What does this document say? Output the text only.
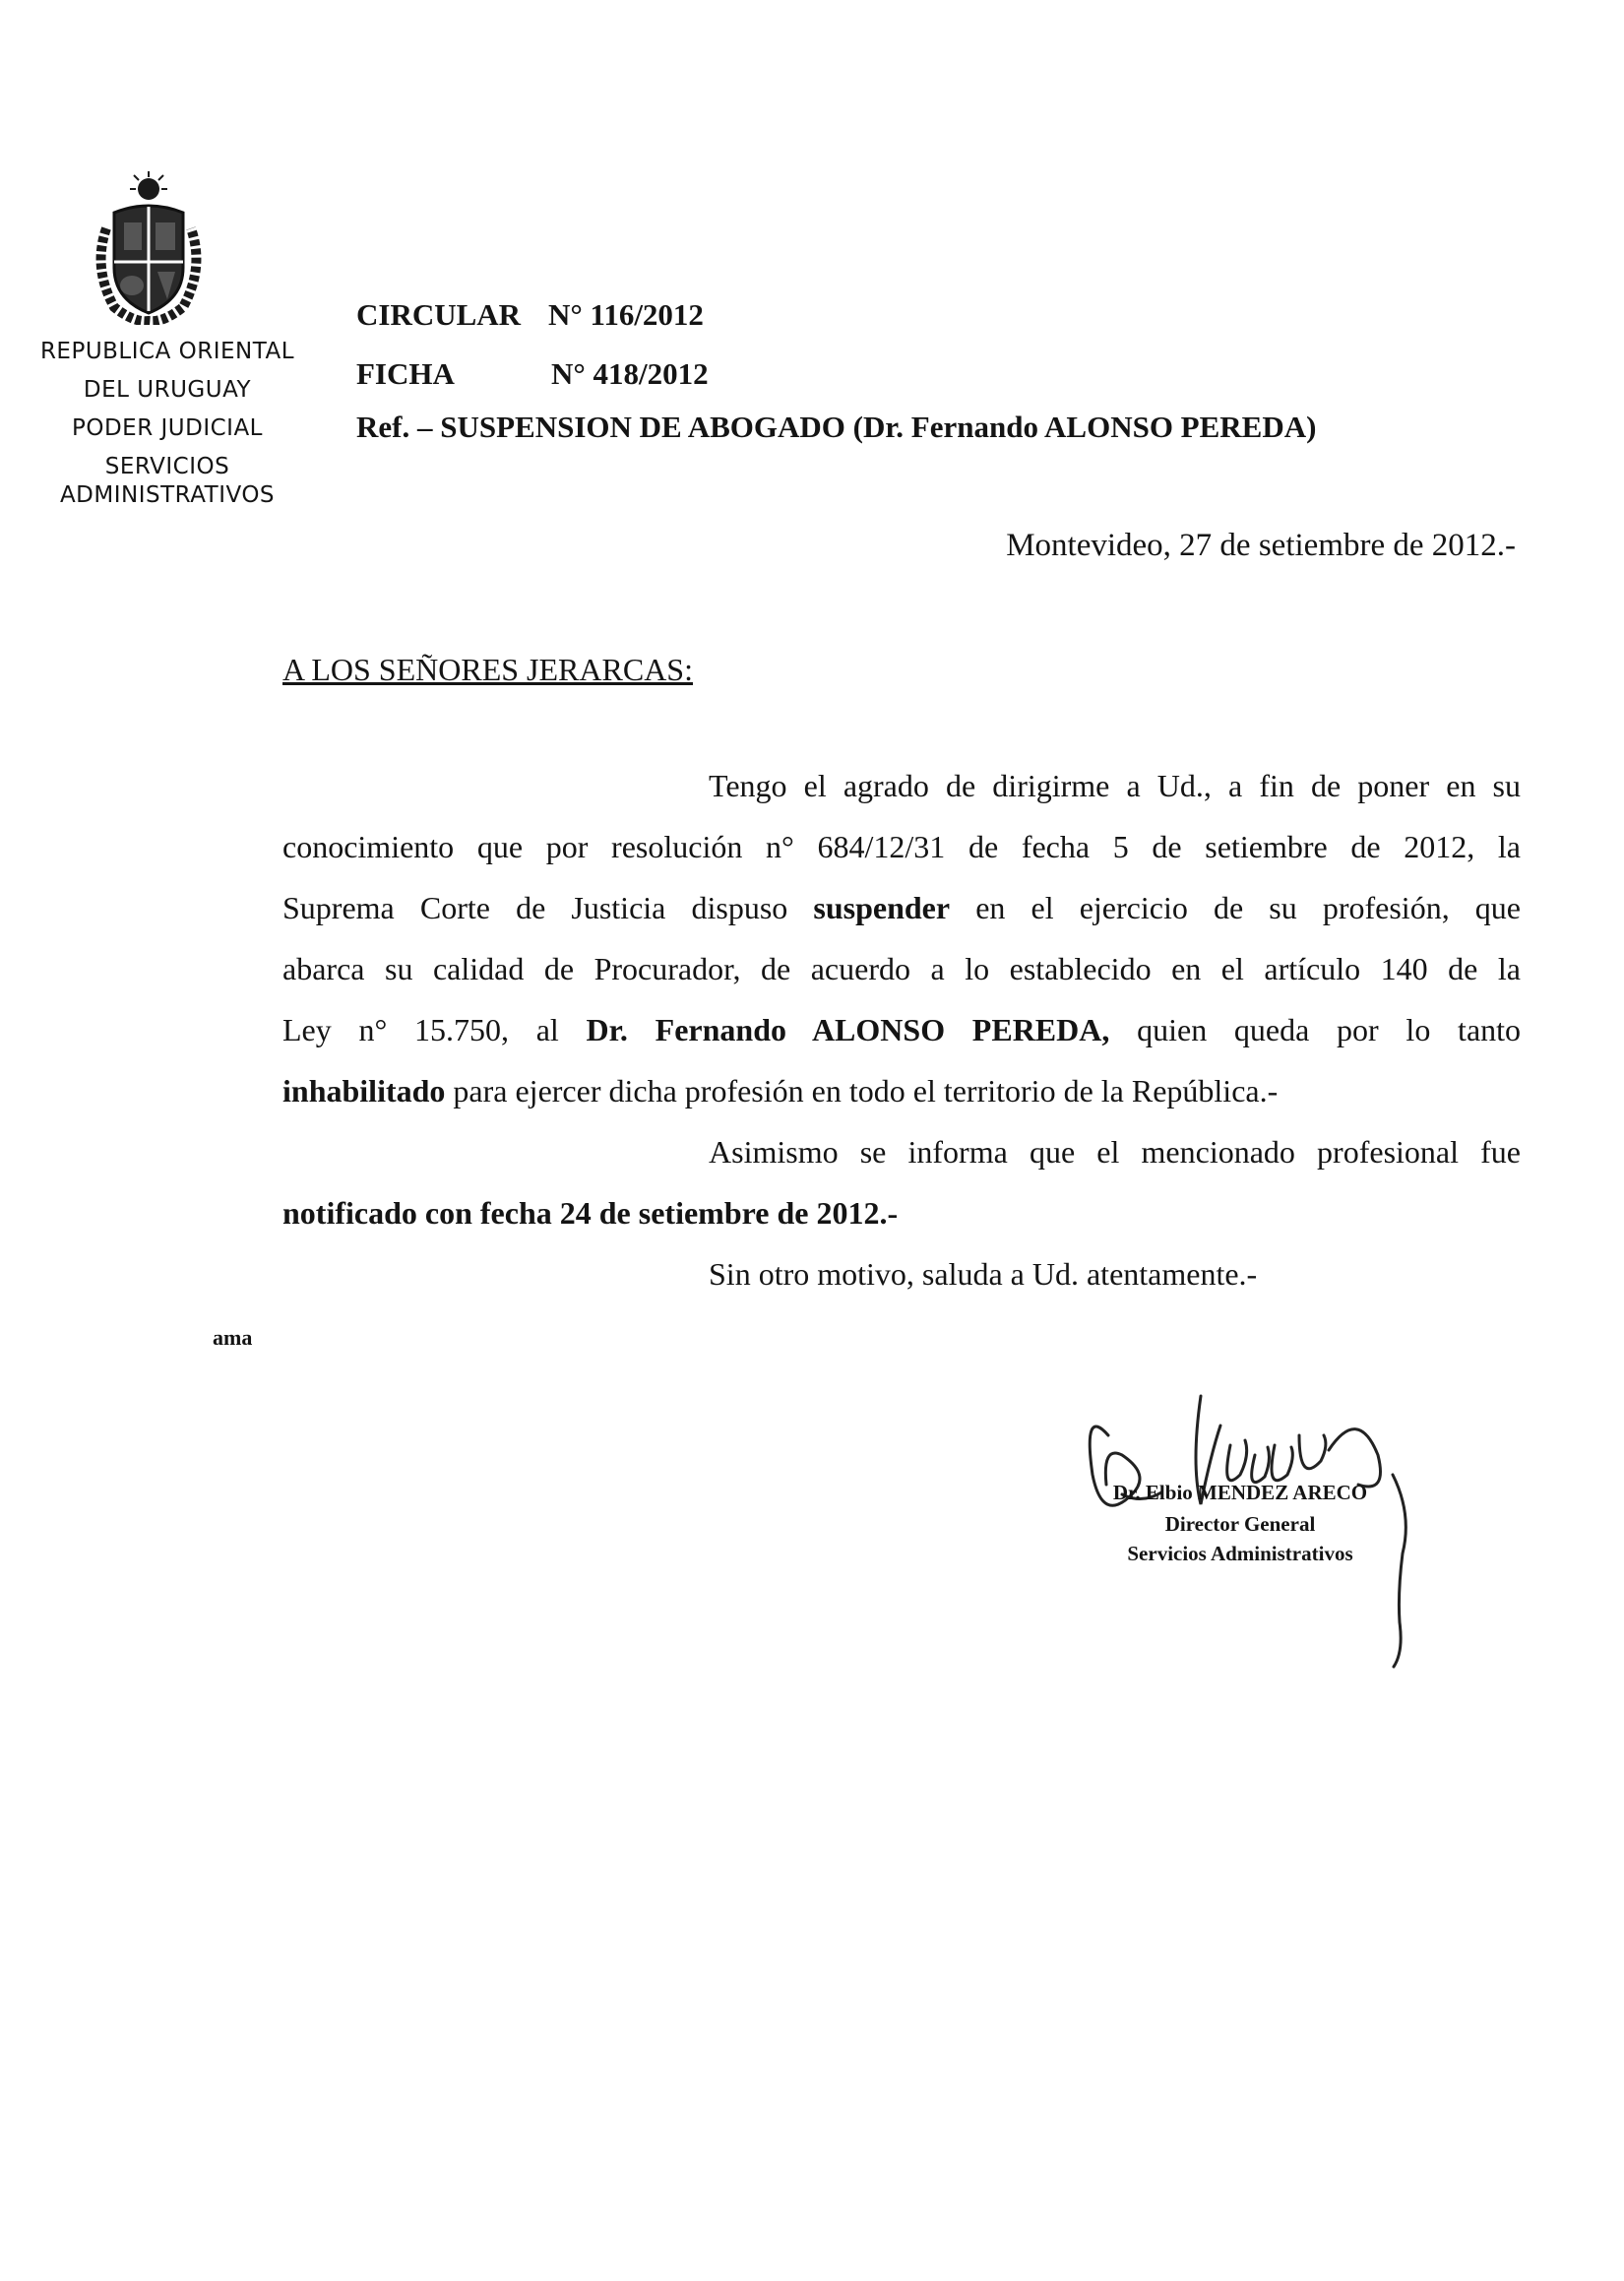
REPUBLICA ORIENTAL
DEL URUGUAY
PODER JUDICIAL
SERVICIOS
ADMINISTRATIVOS
CIRCULAR N° 116/2012
FICHA	N° 418/2012
Ref. – SUSPENSION DE ABOGADO (Dr. Fernando ALONSO PEREDA)
Montevideo, 27 de setiembre de 2012.-
A LOS SEÑORES JERARCAS:
Tengo el agrado de dirigirme a Ud., a fin de poner en su
conocimiento que por resolución n° 684/12/31 de fecha 5 de setiembre de 2012, la
Suprema Corte de Justicia dispuso suspender en el ejercicio de su profesión, que
abarca su calidad de Procurador, de acuerdo a lo establecido en el artículo 140 de la
Ley n° 15.750, al Dr. Fernando ALONSO PEREDA, quien queda por lo tanto
inhabilitado para ejercer dicha profesión en todo el territorio de la República.-
Asimismo se informa que el mencionado profesional fue
notificado con fecha 24 de setiembre de 2012.-
Sin otro motivo, saluda a Ud. atentamente.-
ama
Dr. Elbio MENDEZ ARECO
Director General
Servicios Administrativos
